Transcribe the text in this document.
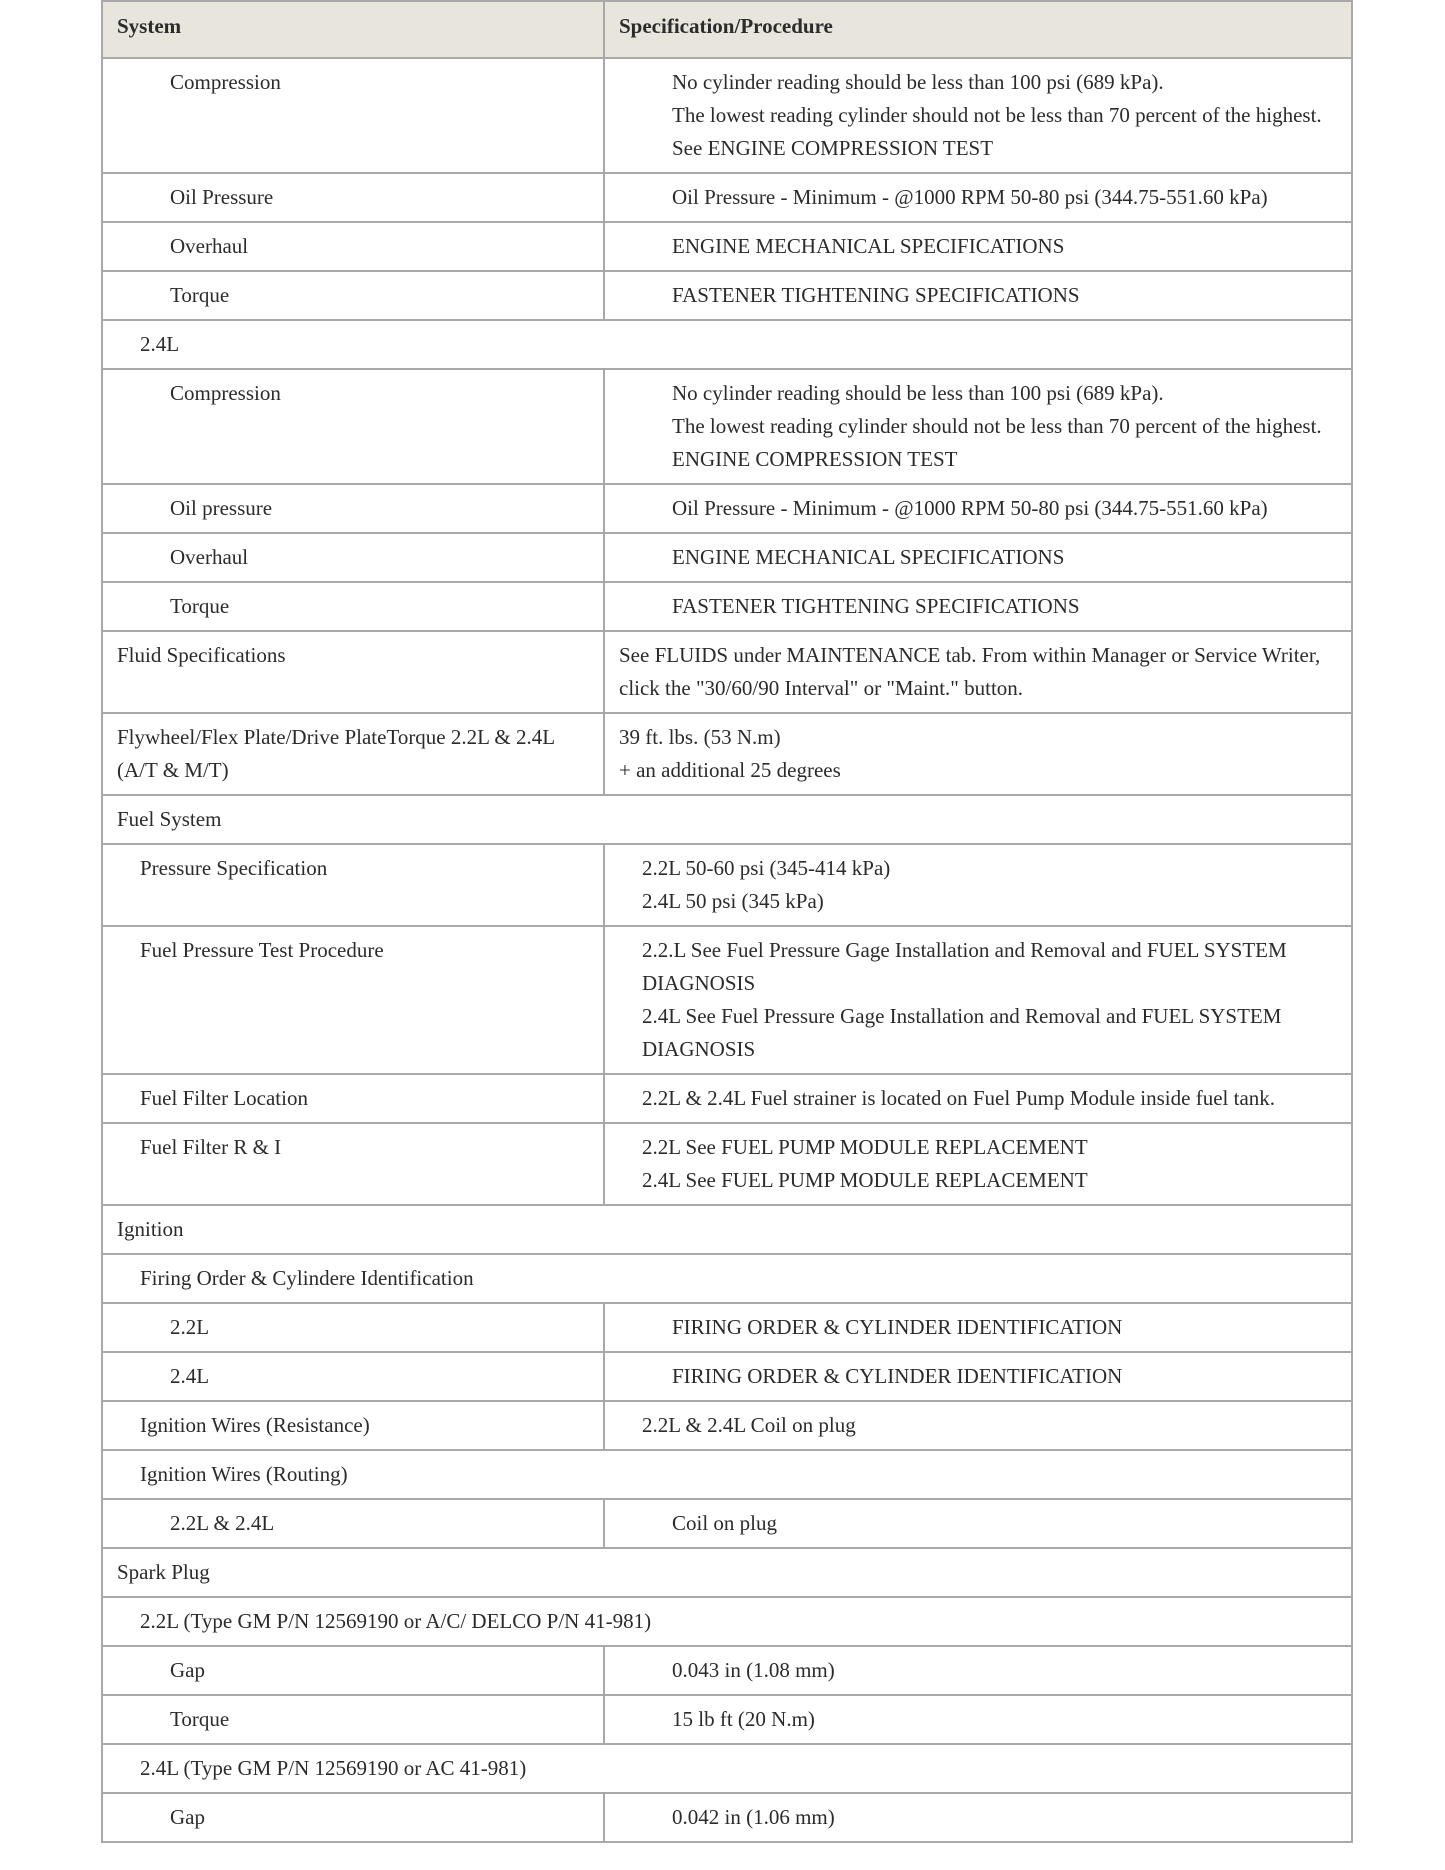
System	Specification/Procedure
Compression	No cylinder reading should be less than 100 psi (689 kPa).
The lowest reading cylinder should not be less than 70 percent of the highest.
See ENGINE COMPRESSION TEST

Oil Pressure	Oil Pressure - Minimum - @1000 RPM 50-80 psi (344.75-551.60 kPa)

Overhaul	ENGINE MECHANICAL SPECIFICATIONS

Torque	FASTENER TIGHTENING SPECIFICATIONS

2.4L	
Compression	No cylinder reading should be less than 100 psi (689 kPa).
The lowest reading cylinder should not be less than 70 percent of the highest.
ENGINE COMPRESSION TEST

Oil pressure	Oil Pressure - Minimum - @1000 RPM 50-80 psi (344.75-551.60 kPa)

Overhaul	ENGINE MECHANICAL SPECIFICATIONS

Torque	FASTENER TIGHTENING SPECIFICATIONS

Fluid Specifications	See FLUIDS under MAINTENANCE tab. From within Manager or Service Writer, click the "30/60/90 Interval" or "Maint." button.

Flywheel/Flex Plate/Drive PlateTorque 2.2L & 2.4L (A/T & M/T)	39 ft. lbs. (53 N.m)
+ an additional 25 degrees

Fuel System	
Pressure Specification	2.2L 50-60 psi (345-414 kPa)
2.4L 50 psi (345 kPa)

Fuel Pressure Test Procedure	2.2.L See Fuel Pressure Gage Installation and Removal and FUEL SYSTEM DIAGNOSIS
2.4L See Fuel Pressure Gage Installation and Removal and FUEL SYSTEM DIAGNOSIS

Fuel Filter Location	2.2L & 2.4L Fuel strainer is located on Fuel Pump Module inside fuel tank.

Fuel Filter R & I	2.2L See FUEL PUMP MODULE REPLACEMENT
2.4L See FUEL PUMP MODULE REPLACEMENT

Ignition	
Firing Order & Cylindere Identification	
2.2L	FIRING ORDER & CYLINDER IDENTIFICATION

2.4L	FIRING ORDER & CYLINDER IDENTIFICATION

Ignition Wires (Resistance)	2.2L & 2.4L Coil on plug

Ignition Wires (Routing)	
2.2L & 2.4L	Coil on plug

Spark Plug	
2.2L (Type GM P/N 12569190 or A/C/ DELCO P/N 41-981)	
Gap	0.043 in (1.08 mm)

Torque	15 lb ft (20 N.m)

2.4L (Type GM P/N 12569190 or AC 41-981)	
Gap	0.042 in (1.06 mm)
